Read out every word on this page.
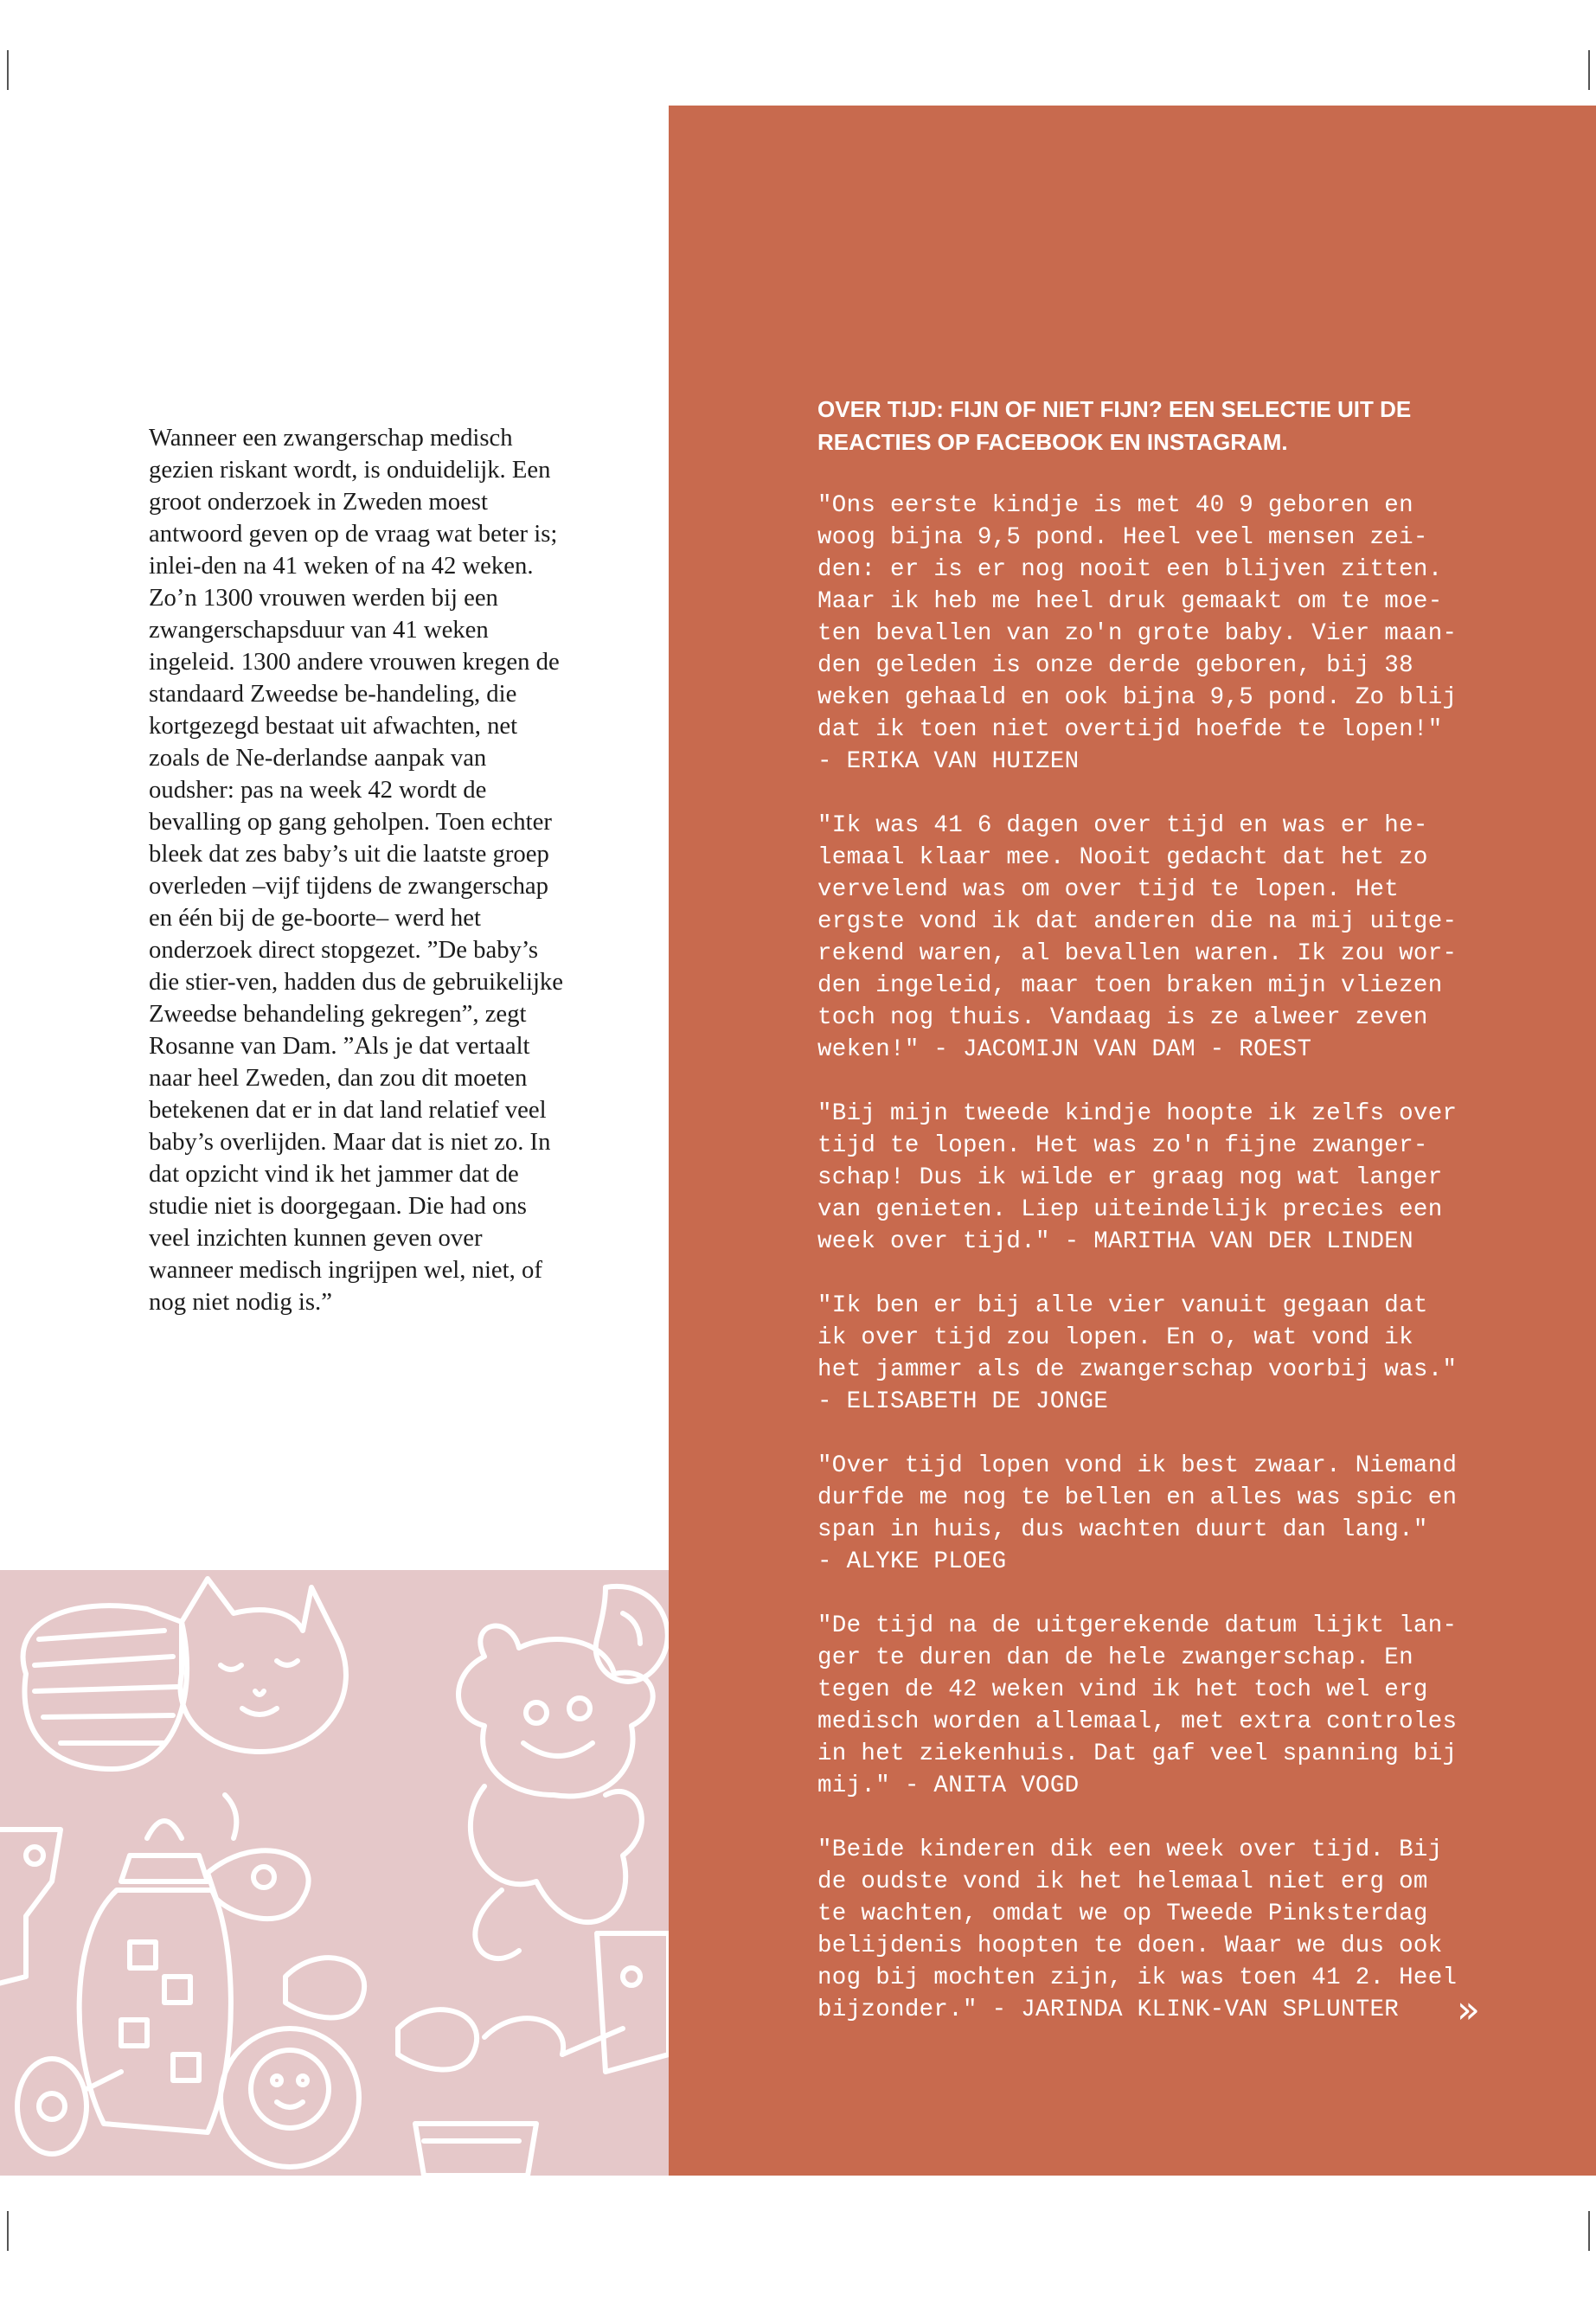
Wanneer een zwangerschap medisch gezien riskant wordt, is onduidelijk. Een groot onderzoek in Zweden moest antwoord geven op de vraag wat beter is; inlei-den na 41 weken of na 42 weken. Zo’n 1300 vrouwen werden bij een zwangerschapsduur van 41 weken ingeleid. 1300 andere vrouwen kregen de standaard Zweedse be-handeling, die kortgezegd bestaat uit afwachten, net zoals de Ne-derlandse aanpak van oudsher: pas na week 42 wordt de bevalling op gang geholpen. Toen echter bleek dat zes baby’s uit die laatste groep overleden –vijf tijdens de zwangerschap en één bij de ge-boorte– werd het onderzoek direct stopgezet. ”De baby’s die stier-ven, hadden dus de gebruikelijke Zweedse behandeling gekregen”, zegt Rosanne van Dam. ”Als je dat vertaalt naar heel Zweden, dan zou dit moeten betekenen dat er in dat land relatief veel baby’s overlijden. Maar dat is niet zo. In dat opzicht vind ik het jammer dat de studie niet is doorgegaan. Die had ons veel inzichten kunnen geven over wanneer medisch ingrijpen wel, niet, of nog niet nodig is.”

OVER TIJD: FIJN OF NIET FIJN? EEN SELECTIE UIT DE REACTIES OP FACEBOOK EN INSTAGRAM.

"Ons eerste kindje is met 40 9 geboren en
woog bijna 9,5 pond. Heel veel mensen zei-
den: er is er nog nooit een blijven zitten.
Maar ik heb me heel druk gemaakt om te moe-
ten bevallen van zo'n grote baby. Vier maan-
den geleden is onze derde geboren, bij 38
weken gehaald en ook bijna 9,5 pond. Zo blij
dat ik toen niet overtijd hoefde te lopen!"
- ERIKA VAN HUIZEN

"Ik was 41 6 dagen over tijd en was er he-
lemaal klaar mee. Nooit gedacht dat het zo
vervelend was om over tijd te lopen. Het
ergste vond ik dat anderen die na mij uitge-
rekend waren, al bevallen waren. Ik zou wor-
den ingeleid, maar toen braken mijn vliezen
toch nog thuis. Vandaag is ze alweer zeven
weken!" - JACOMIJN VAN DAM - ROEST

"Bij mijn tweede kindje hoopte ik zelfs over
tijd te lopen. Het was zo'n fijne zwanger-
schap! Dus ik wilde er graag nog wat langer
van genieten. Liep uiteindelijk precies een
week over tijd." - MARITHA VAN DER LINDEN

"Ik ben er bij alle vier vanuit gegaan dat
ik over tijd zou lopen. En o, wat vond ik
het jammer als de zwangerschap voorbij was."
- ELISABETH DE JONGE

"Over tijd lopen vond ik best zwaar. Niemand
durfde me nog te bellen en alles was spic en
span in huis, dus wachten duurt dan lang."
- ALYKE PLOEG

"De tijd na de uitgerekende datum lijkt lan-
ger te duren dan de hele zwangerschap. En
tegen de 42 weken vind ik het toch wel erg
medisch worden allemaal, met extra controles
in het ziekenhuis. Dat gaf veel spanning bij
mij." - ANITA VOGD

"Beide kinderen dik een week over tijd. Bij
de oudste vond ik het helemaal niet erg om
te wachten, omdat we op Tweede Pinksterdag
belijdenis hoopten te doen. Waar we dus ook
nog bij mochten zijn, ik was toen 41 2. Heel
bijzonder." - JARINDA KLINK-VAN SPLUNTER	»
